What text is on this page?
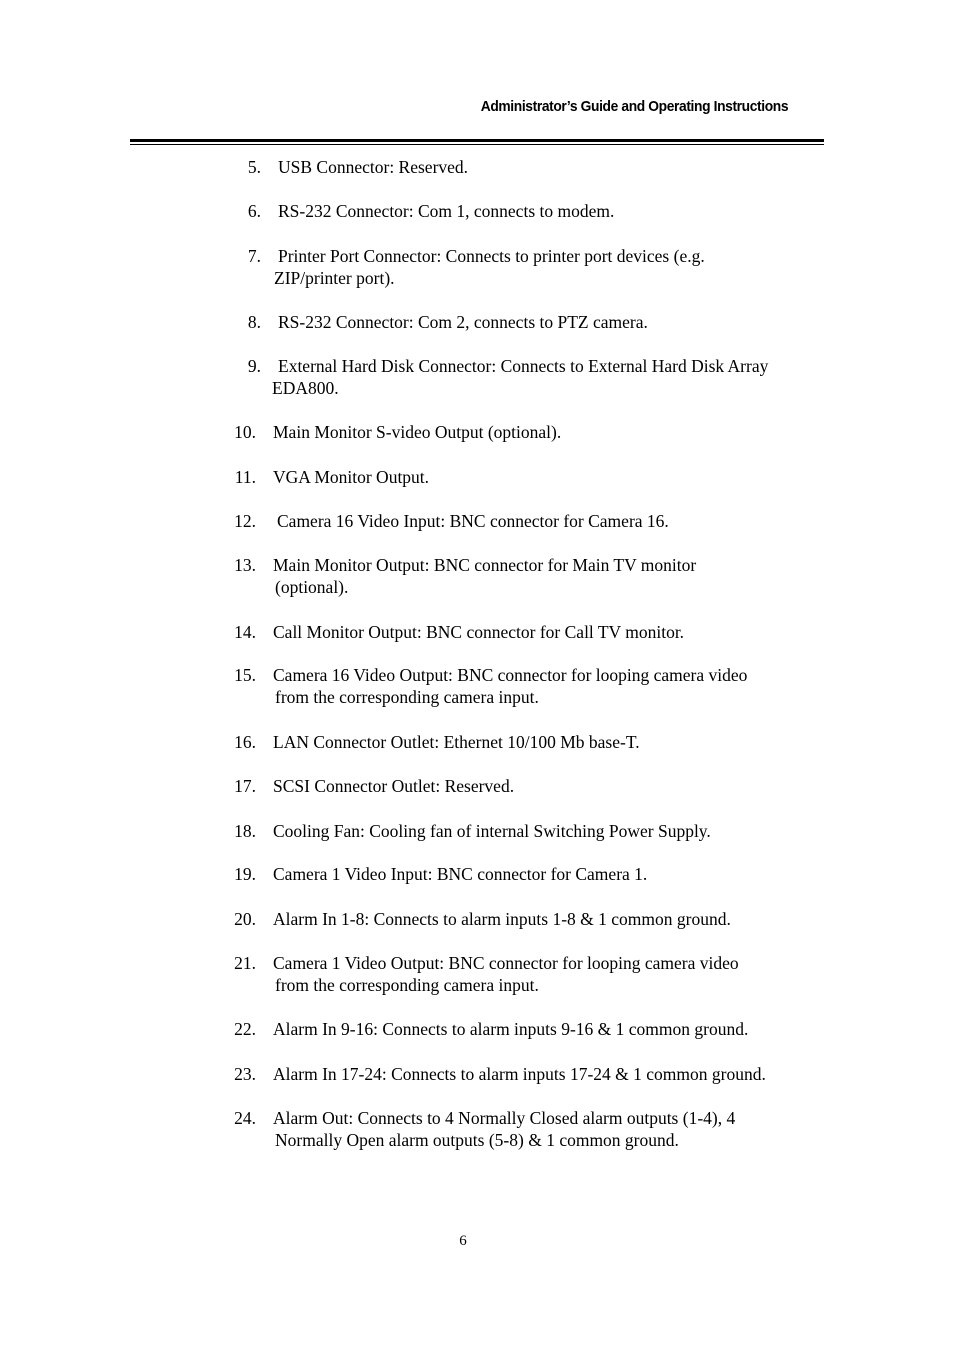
Administrator’s Guide and Operating Instructions
5. USB Connector: Reserved.
6. RS-232 Connector: Com 1, connects to modem.
7. Printer Port Connector: Connects to printer port devices (e.g.
ZIP/printer port).
8. RS-232 Connector: Com 2, connects to PTZ camera.
9. External Hard Disk Connector: Connects to External Hard Disk Array
EDA800.
10. Main Monitor S-video Output (optional).
11. VGA Monitor Output.
12. Camera 16 Video Input: BNC connector for Camera 16.
13. Main Monitor Output: BNC connector for Main TV monitor
(optional).
14. Call Monitor Output: BNC connector for Call TV monitor.
15. Camera 16 Video Output: BNC connector for looping camera video
from the corresponding camera input.
16. LAN Connector Outlet: Ethernet 10/100 Mb base-T.
17. SCSI Connector Outlet: Reserved.
18. Cooling Fan: Cooling fan of internal Switching Power Supply.
19. Camera 1 Video Input: BNC connector for Camera 1.
20. Alarm In 1-8: Connects to alarm inputs 1-8 & 1 common ground.
21. Camera 1 Video Output: BNC connector for looping camera video
from the corresponding camera input.
22. Alarm In 9-16: Connects to alarm inputs 9-16 & 1 common ground.
23. Alarm In 17-24: Connects to alarm inputs 17-24 & 1 common ground.
24. Alarm Out: Connects to 4 Normally Closed alarm outputs (1-4), 4
Normally Open alarm outputs (5-8) & 1 common ground.
6
